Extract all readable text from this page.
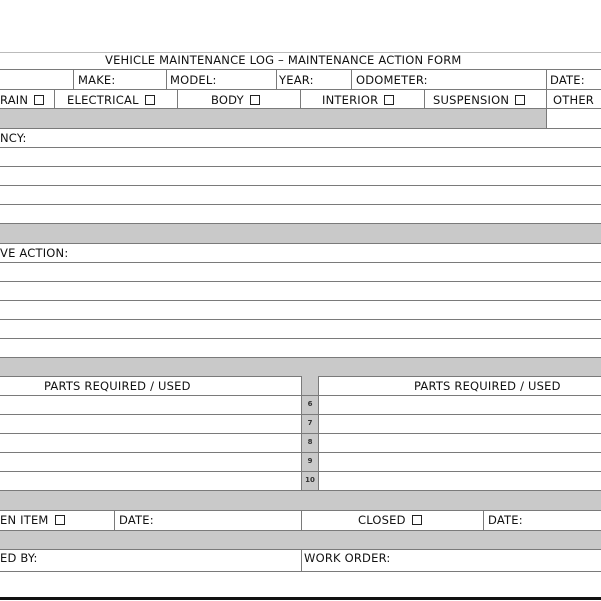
VEHICLE MAINTENANCE LOG – MAINTENANCE ACTION FORM
MAKE:	MODEL:	YEAR:	ODOMETER:	DATE:
RAIN	ELECTRICAL	BODY	INTERIOR	SUSPENSION	OTHER
NCY:
VE ACTION:
PARTS REQUIRED / USED	PARTS REQUIRED / USED
6
7
8
9
10
EN ITEM	DATE:	CLOSED	DATE:
ED BY:	WORK ORDER:
